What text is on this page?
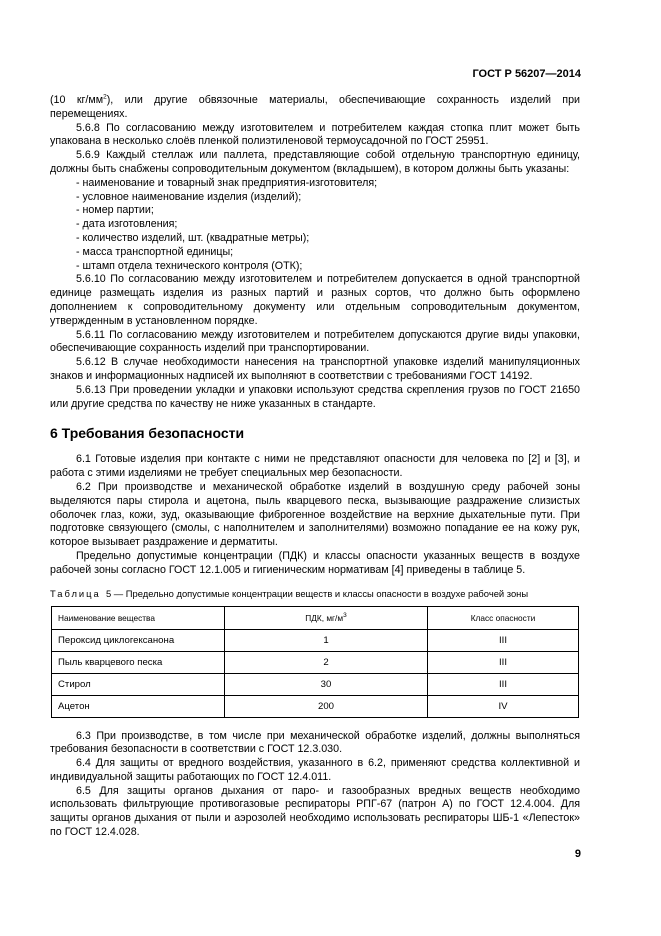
ГОСТ Р 56207—2014

(10 $кг/мм^2$), или другие обвязочные материалы, обеспечивающие сохранность изделий при перемещениях.

5.6.8 По согласованию между изготовителем и потребителем каждая стопка плит может быть упакована в несколько слоёв пленкой полиэтиленовой термоусадочной по ГОСТ 25951.

5.6.9 Каждый стеллаж или паллета, представляющие собой отдельную транспортную единицу, должны быть снабжены сопроводительным документом (вкладышем), в котором должны быть указаны:

- наименование и товарный знак предприятия-изготовителя;

- условное наименование изделия (изделий);

- номер партии;

- дата изготовления;

- количество изделий, шт. (квадратные метры);

- масса транспортной единицы;

- штамп отдела технического контроля (ОТК);

5.6.10 По согласованию между изготовителем и потребителем допускается в одной транспортной единице размещать изделия из разных партий и разных сортов, что должно быть оформлено дополнением к сопроводительному документу или отдельным сопроводительным документом, утвержденным в установленном порядке.

5.6.11 По согласованию между изготовителем и потребителем допускаются другие виды упаковки, обеспечивающие сохранность изделий при транспортировании.

5.6.12 В случае необходимости нанесения на транспортной упаковке изделий манипуляционных знаков и информационных надписей их выполняют в соответствии с требованиями ГОСТ 14192.

5.6.13 При проведении укладки и упаковки используют средства скрепления грузов по ГОСТ 21650 или другие средства по качеству не ниже указанных в стандарте.

6 Требования безопасности

6.1 Готовые изделия при контакте с ними не представляют опасности для человека по [2] и [3], и работа с этими изделиями не требует специальных мер безопасности.

6.2 При производстве и механической обработке изделий в воздушную среду рабочей зоны выделяются пары стирола и ацетона, пыль кварцевого песка, вызывающие раздражение слизистых оболочек глаз, кожи, зуд, оказывающие фиброгенное воздействие на верхние дыхательные пути. При подготовке связующего (смолы, с наполнителем и заполнителями) возможно попадание ее на кожу рук, которое вызывает раздражение и дерматиты.

Предельно допустимые концентрации (ПДК) и классы опасности указанных веществ в воздухе рабочей зоны согласно ГОСТ 12.1.005 и гигиеническим нормативам [4] приведены в таблице 5.

Таблица 5 — Предельно допустимые концентрации веществ и классы опасности в воздухе рабочей зоны
Наименование вещества	ПДК, $мг/м^3$	Класс опасности
Пероксид циклогексанона	1	III
Пыль кварцевого песка	2	III
Стирол	30	III
Ацетон	200	IV

6.3 При производстве, в том числе при механической обработке изделий, должны выполняться требования безопасности в соответствии с ГОСТ 12.3.030.

6.4 Для защиты от вредного воздействия, указанного в 6.2, применяют средства коллективной и индивидуальной защиты работающих по ГОСТ 12.4.011.

6.5 Для защиты органов дыхания от паро- и газообразных вредных веществ необходимо использовать фильтрующие противогазовые респираторы РПГ-67 (патрон А) по ГОСТ 12.4.004. Для защиты органов дыхания от пыли и аэрозолей необходимо использовать респираторы ШБ-1 «Лепесток» по ГОСТ 12.4.028.

9
